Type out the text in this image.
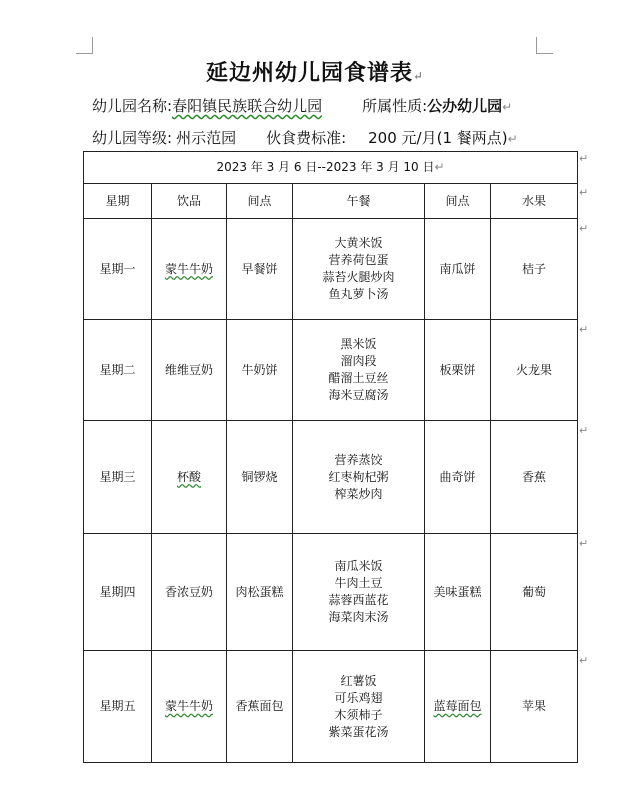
延边州幼儿园食谱表↵
幼儿园名称:春阳镇民族联合幼儿园	所属性质:公办幼儿园↵
幼儿园等级: 州示范园 伙食费标准: 200 元/月(1 餐两点)↵
2023 年 3 月 6 日--2023 年 3 月 10 日↵					
星期	饮品	间点	午餐	间点	水果
星期一	蒙牛牛奶	早餐饼	大黄米饭
营养荷包蛋
蒜苔火腿炒肉
鱼丸萝卜汤	南瓜饼	桔子
星期二	维维豆奶	牛奶饼	黑米饭
溜肉段
醋溜土豆丝
海米豆腐汤	板栗饼	火龙果
星期三	杯酸	铜锣烧	营养蒸饺
红枣枸杞粥
榨菜炒肉	曲奇饼	香蕉
星期四	香浓豆奶	肉松蛋糕	南瓜米饭
牛肉土豆
蒜蓉西蓝花
海菜肉末汤	美味蛋糕	葡萄
星期五	蒙牛牛奶	香蕉面包	红薯饭
可乐鸡翅
木须柿子
紫菜蛋花汤	蓝莓面包	苹果
↵
↵
↵
↵
↵
↵
↵
